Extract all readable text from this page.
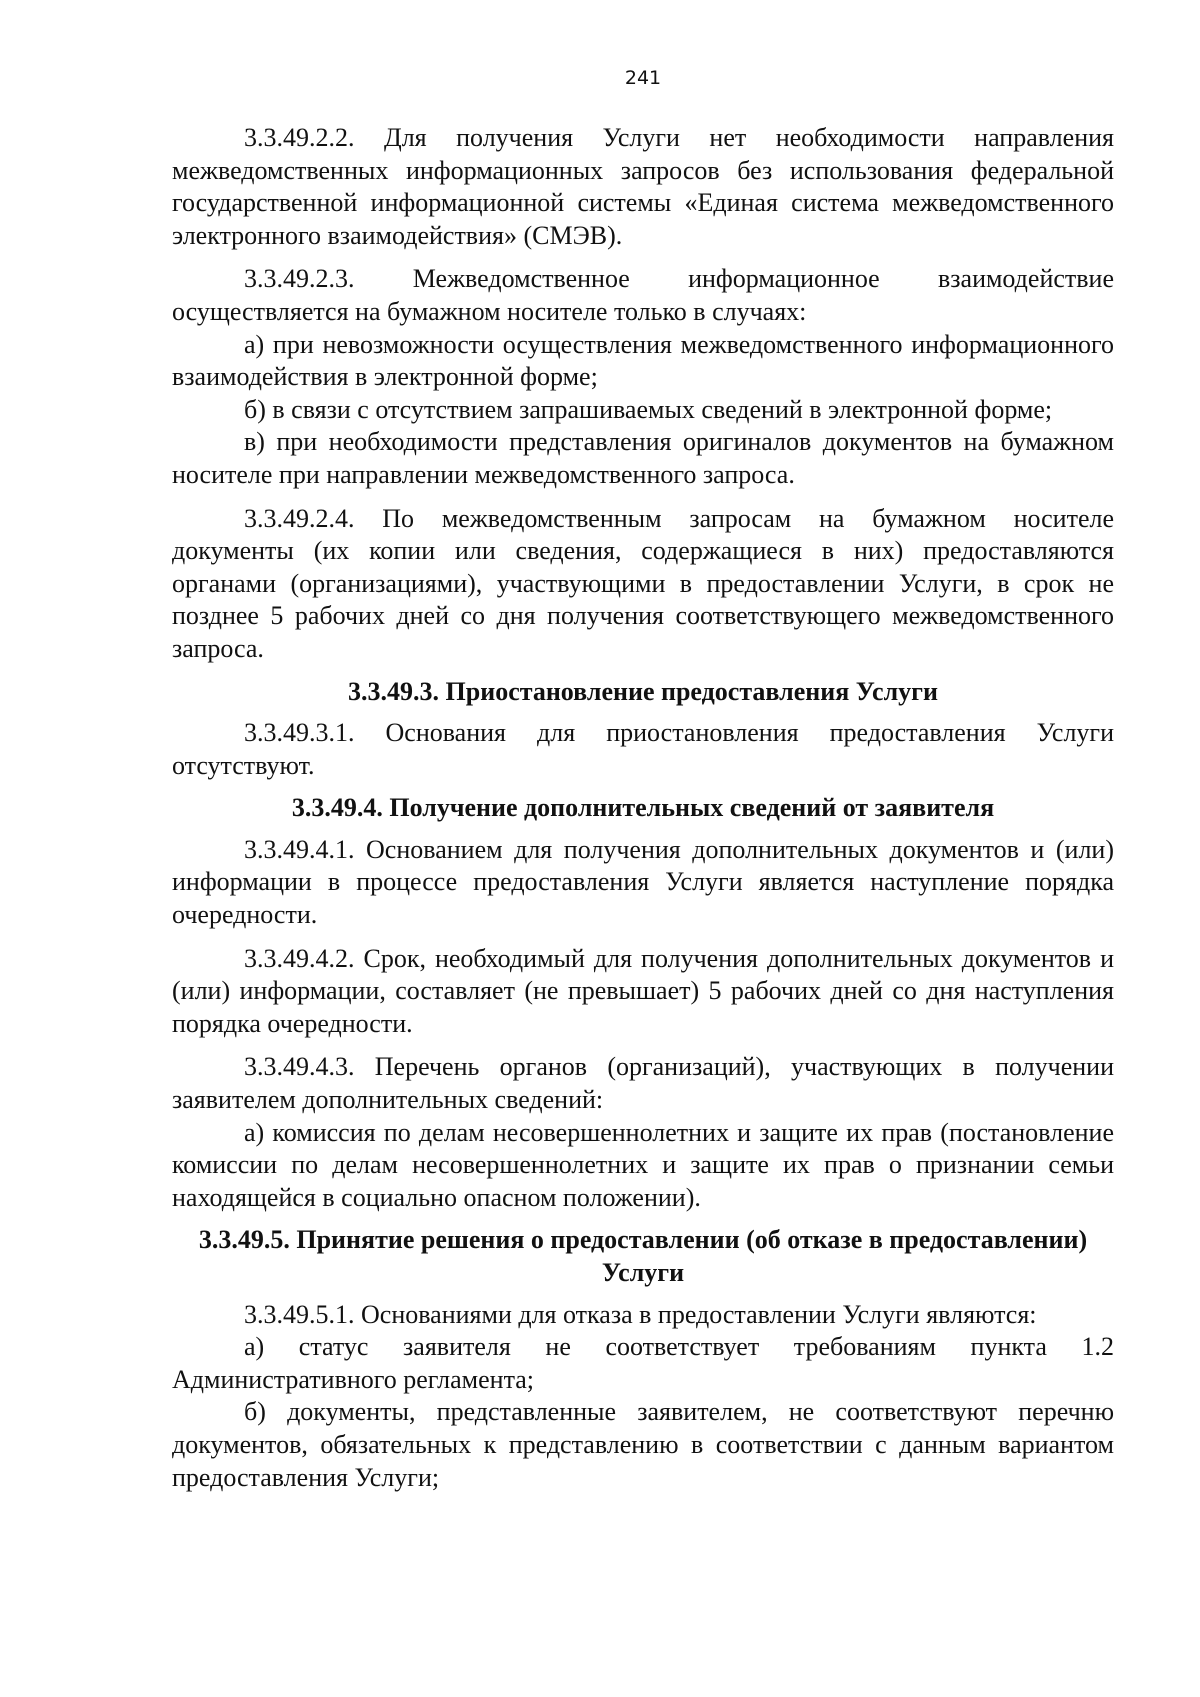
241

3.3.49.2.2. Для получения Услуги нет необходимости направления межведомственных информационных запросов без использования федеральной государственной информационной системы «Единая система межведомственного электронного взаимодействия» (СМЭВ).

3.3.49.2.3. Межведомственное информационное взаимодействие осуществляется на бумажном носителе только в случаях:

а) при невозможности осуществления межведомственного информационного взаимодействия в электронной форме;

б) в связи с отсутствием запрашиваемых сведений в электронной форме;

в) при необходимости представления оригиналов документов на бумажном носителе при направлении межведомственного запроса.

3.3.49.2.4. По межведомственным запросам на бумажном носителе документы (их копии или сведения, содержащиеся в них) предоставляются органами (организациями), участвующими в предоставлении Услуги, в срок не позднее 5 рабочих дней со дня получения соответствующего межведомственного запроса.

3.3.49.3. Приостановление предоставления Услуги

3.3.49.3.1. Основания для приостановления предоставления Услуги отсутствуют.

3.3.49.4. Получение дополнительных сведений от заявителя

3.3.49.4.1. Основанием для получения дополнительных документов и (или) информации в процессе предоставления Услуги является наступление порядка очередности.

3.3.49.4.2. Срок, необходимый для получения дополнительных документов и (или) информации, составляет (не превышает) 5 рабочих дней со дня наступления порядка очередности.

3.3.49.4.3. Перечень органов (организаций), участвующих в получении заявителем дополнительных сведений:

а) комиссия по делам несовершеннолетних и защите их прав (постановление комиссии по делам несовершеннолетних и защите их прав о признании семьи находящейся в социально опасном положении).

3.3.49.5. Принятие решения о предоставлении (об отказе в предоставлении) Услуги

3.3.49.5.1. Основаниями для отказа в предоставлении Услуги являются:

а) статус заявителя не соответствует требованиям пункта 1.2 Административного регламента;

б) документы, представленные заявителем, не соответствуют перечню документов, обязательных к представлению в соответствии с данным вариантом предоставления Услуги;
